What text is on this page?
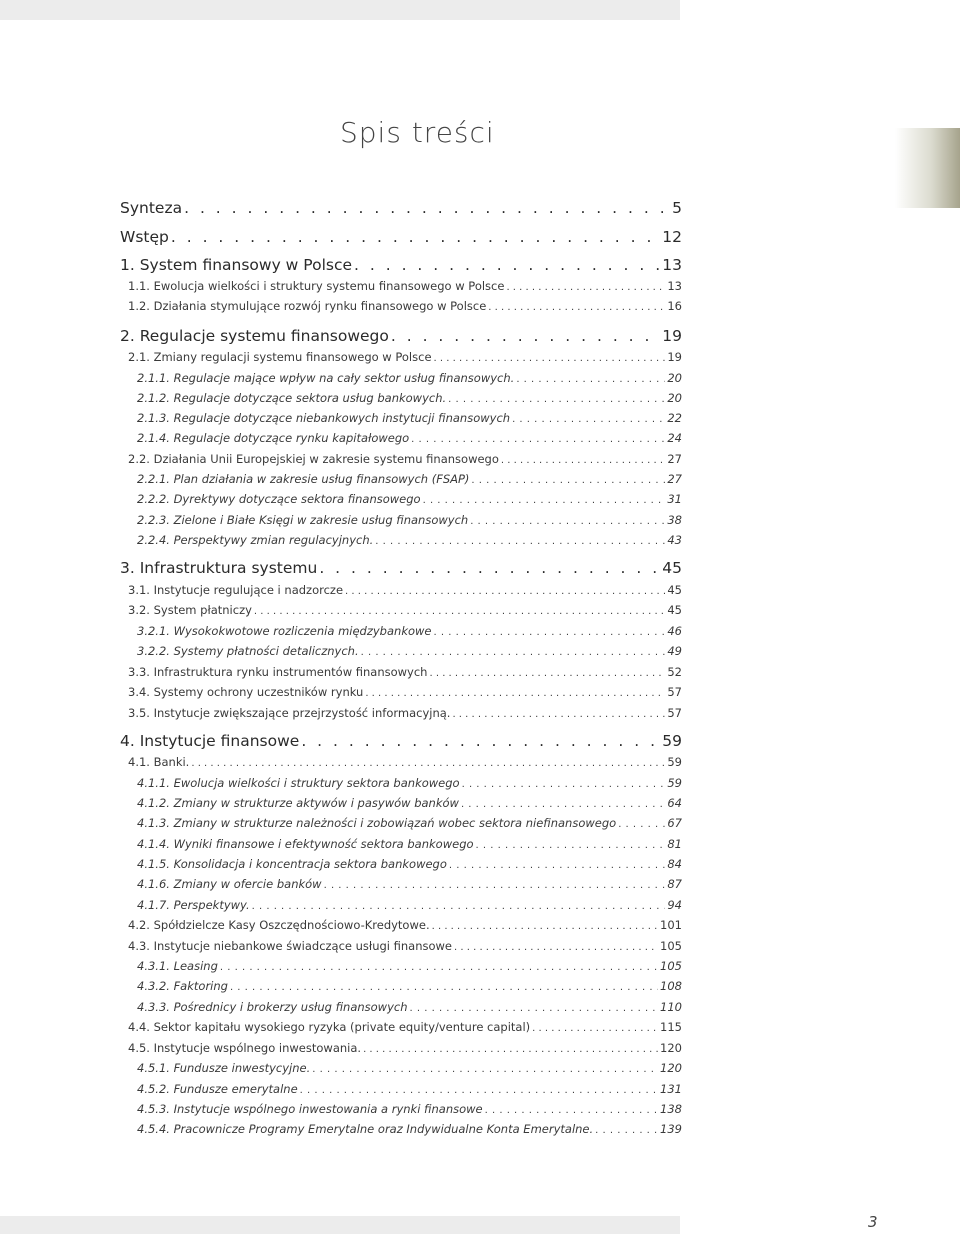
Spis treści
Synteza . . .	5
Wstęp . . .	12
1. System finansowy w Polsce . . .	13
1.1. Ewolucja wielkości i struktury systemu finansowego w Polsce . . .	13
1.2. Działania stymulujące rozwój rynku finansowego w Polsce . . .	16
2. Regulacje systemu finansowego . . .	19
2.1. Zmiany regulacji systemu finansowego w Polsce . . .	19
2.1.1. Regulacje mające wpływ na cały sektor usług finansowych. . . .	20
2.1.2. Regulacje dotyczące sektora usług bankowych. . . .	20
2.1.3. Regulacje dotyczące niebankowych instytucji finansowych . . .	22
2.1.4. Regulacje dotyczące rynku kapitałowego . . .	24
2.2. Działania Unii Europejskiej w zakresie systemu finansowego . . .	27
2.2.1. Plan działania w zakresie usług finansowych (FSAP) . . .	27
2.2.2. Dyrektywy dotyczące sektora finansowego . . .	31
2.2.3. Zielone i Białe Księgi w zakresie usług finansowych . . .	38
2.2.4. Perspektywy zmian regulacyjnych. . . .	43
3. Infrastruktura systemu . . .	45
3.1. Instytucje regulujące i nadzorcze . . .	45
3.2. System płatniczy . . .	45
3.2.1. Wysokokwotowe rozliczenia międzybankowe . . .	46
3.2.2. Systemy płatności detalicznych. . . .	49
3.3. Infrastruktura rynku instrumentów finansowych . . .	52
3.4. Systemy ochrony uczestników rynku . . .	57
3.5. Instytucje zwiększające przejrzystość informacyjną. . . .	57
4. Instytucje finansowe . . .	59
4.1. Banki. . . .	59
4.1.1. Ewolucja wielkości i struktury sektora bankowego . . .	59
4.1.2. Zmiany w strukturze aktywów i pasywów banków . . .	64
4.1.3. Zmiany w strukturze należności i zobowiązań wobec sektora niefinansowego . . .	67
4.1.4. Wyniki finansowe i efektywność sektora bankowego . . .	81
4.1.5. Konsolidacja i koncentracja sektora bankowego . . .	84
4.1.6. Zmiany w ofercie banków . . .	87
4.1.7. Perspektywy. . . .	94
4.2. Spółdzielcze Kasy Oszczędnościowo-Kredytowe. . . .	101
4.3. Instytucje niebankowe świadczące usługi finansowe . . .	105
4.3.1. Leasing . . .	105
4.3.2. Faktoring . . .	108
4.3.3. Pośrednicy i brokerzy usług finansowych . . .	110
4.4. Sektor kapitału wysokiego ryzyka (private equity/venture capital) . . .	115
4.5. Instytucje wspólnego inwestowania. . . .	120
4.5.1. Fundusze inwestycyjne. . . .	120
4.5.2. Fundusze emerytalne . . .	131
4.5.3. Instytucje wspólnego inwestowania a rynki finansowe . . .	138
4.5.4. Pracownicze Programy Emerytalne oraz Indywidualne Konta Emerytalne. . . .	139
3
